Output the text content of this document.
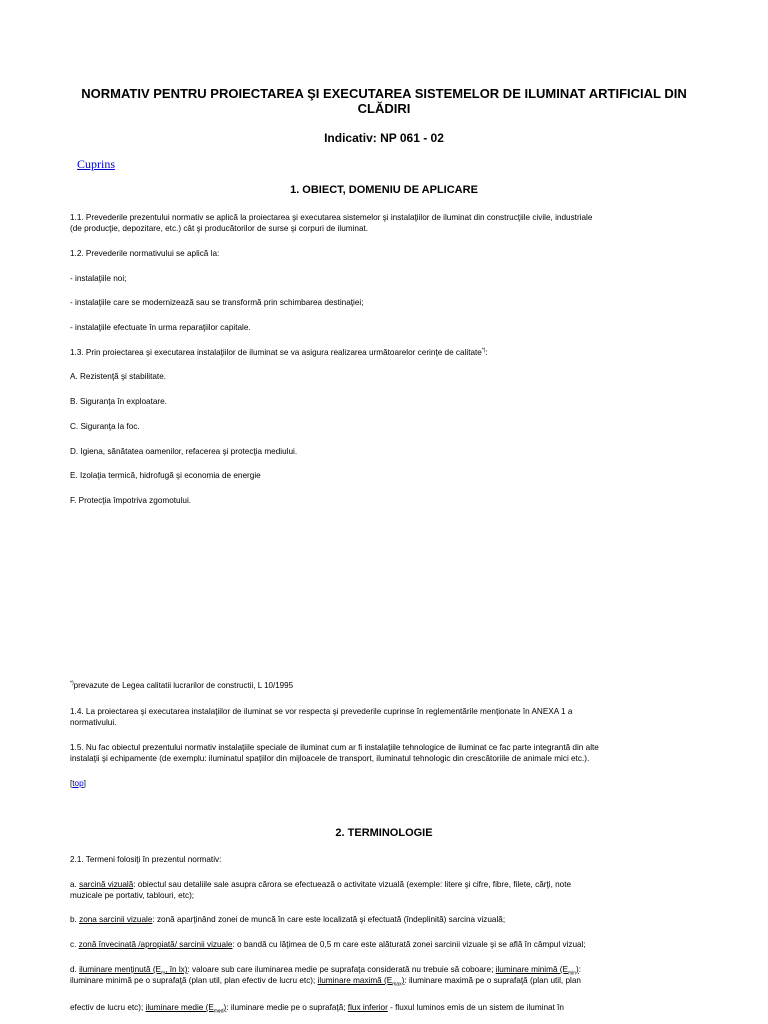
NORMATIV PENTRU PROIECTAREA ŞI EXECUTAREA SISTEMELOR DE ILUMINAT ARTIFICIAL DIN
CLĂDIRI
Indicativ: NP 061 - 02
Cuprins
1. OBIECT, DOMENIU DE APLICARE
1.1. Prevederile prezentului normativ se aplică la proiectarea şi executarea sistemelor şi instalaţiilor de iluminat din construcţiile civile, industriale
(de producţie, depozitare, etc.) cât şi producătorilor de surse şi corpuri de iluminat.
1.2. Prevederile normativului se aplică la:
- instalaţiile noi;
- instalaţiile care se modernizează sau se transformă prin schimbarea destinaţiei;
- instalaţiile efectuate în urma reparaţiilor capitale.
1.3. Prin proiectarea şi executarea instalaţiilor de iluminat se va asigura realizarea următoarelor cerinţe de calitate*):
A. Rezistenţă şi stabilitate.
B. Siguranţa în exploatare.
C. Siguranţa la foc.
D. Igiena, sănătatea oamenilor, refacerea şi protecţia mediului.
E. Izolaţia termică, hidrofugă şi economia de energie
F. Protecţia împotriva zgomotului.
*)prevazute de Legea calitatii lucrarilor de constructii, L 10/1995
1.4. La proiectarea şi executarea instalaţiilor de iluminat se vor respecta şi prevederile cuprinse în reglementările menţionate în ANEXA 1 a
normativului.
1.5. Nu fac obiectul prezentului normativ instalaţiile speciale de iluminat cum ar fi instalaţiile tehnologice de iluminat ce fac parte integrantă din alte
instalaţii şi echipamente (de exemplu: iluminatul spaţiilor din mijloacele de transport, iluminatul tehnologic din crescătoriile de animale mici etc.).
[top]
2. TERMINOLOGIE
2.1. Termeni folosiţi în prezentul normativ:
a. sarcină vizuală: obiectul sau detaliile sale asupra cărora se efectuează o activitate vizuală (exemple: litere şi cifre, fibre, filete, cărţi, note
muzicale pe portativ, tablouri, etc);
b. zona sarcinii vizuale: zonă aparţinând zonei de muncă în care este localizată şi efectuată (îndeplinită) sarcina vizuală;
c. zonă învecinată /apropiată/ sarcinii vizuale: o bandă cu lăţimea de 0,5 m care este alăturată zonei sarcinii vizuale şi se află în câmpul vizual;
d. iluminare menţinută ($E_m$, în lx): valoare sub care iluminarea medie pe suprafaţa considerată nu trebuie să coboare; iluminare minimă $(E_{min})$:
iluminare minimă pe o suprafaţă (plan util, plan efectiv de lucru etc); iluminare maximă $(E_{max})$: iluminare maximă pe o suprafaţă (plan util, plan
efectiv de lucru etc); iluminare medie $(E_{med})$: iluminare medie pe o suprafaţă; flux inferior - fluxul luminos emis de un sistem de iluminat în
